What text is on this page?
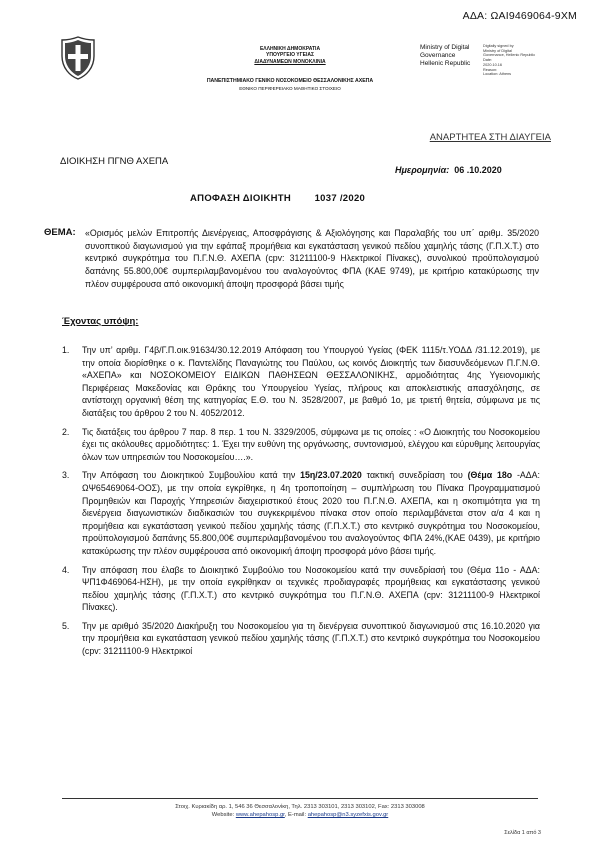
ΑΔΑ: ΩΑΙ9469064-9ΧΜ
ΕΛΛΗΝΙΚΗ ΔΗΜΟΚΡΑΤΙΑ
ΥΠΟΥΡΓΕΙΟ ΥΓΕΙΑΣ
ΔΙΑΔΥΝΑΜΕΩΝ ΜΟΝΟΚΛΙΝΙΑ
ΠΑΝΕΠΙΣΤΗΜΙΑΚΟ ΓΕΝΙΚΟ ΝΟΣΟΚΟΜΕΙΟ ΘΕΣΣΑΛΟΝΙΚΗΣ ΑΧΕΠΑ
ΕΘΝΙΚΟ ΠΕΡΙΦΕΡΕΙΑΚΟ ΜΑΘΗΤΙΚΟ ΣΤΟΙΧΕΙΟ
Ministry of Digital
Governance
Hellenic Republic
Digitally signed by
Ministry of Digital
Governance, Hellenic Republic
Date:
2020.10.16
Reason:
Location: Athens
ΑΝΑΡΤΗΤΕΑ ΣΤΗ ΔΙΑΥΓΕΙΑ
ΔΙΟΙΚΗΣΗ ΠΓΝΘ ΑΧΕΠΑ
Ημερομηνία: 06 .10.2020
ΑΠΟΦΑΣΗ ΔΙΟΙΚΗΤΗ 1037 /2020
ΘΕΜΑ: «Ορισμός μελών Επιτροπής Διενέργειας, Αποσφράγισης & Αξιολόγησης και Παραλαβής του υπ΄ αριθμ. 35/2020 συνοπτικού διαγωνισμού για την εφάπαξ προμήθεια και εγκατάσταση γενικού πεδίου χαμηλής τάσης (Γ.Π.Χ.Τ.) στο κεντρικό συγκρότημα του Π.Γ.Ν.Θ. ΑΧΕΠΑ (cpv: 31211100-9 Ηλεκτρικοί Πίνακες), συνολικού προϋπολογισμού δαπάνης 55.800,00€ συμπεριλαμβανομένου του αναλογούντος ΦΠΑ (ΚΑΕ 9749), με κριτήριο κατακύρωσης την πλέον συμφέρουσα από οικονομική άποψη προσφορά βάσει τιμής
Έχοντας υπόψη:
1. Την υπ’ αριθμ. Γ4β/Γ.Π.οικ.91634/30.12.2019 Απόφαση του Υπουργού Υγείας (ΦΕΚ 1115/τ.ΥΟΔΔ /31.12.2019), με την οποία διορίσθηκε ο κ. Παντελίδης Παναγιώτης του Παύλου, ως κοινός Διοικητής των διασυνδεόμενων Π.Γ.Ν.Θ. «ΑΧΕΠΑ» και ΝΟΣΟΚΟΜΕΙΟΥ ΕΙΔΙΚΩΝ ΠΑΘΗΣΕΩΝ ΘΕΣΣΑΛΟΝΙΚΗΣ, αρμοδιότητας 4ης Υγειονομικής Περιφέρειας Μακεδονίας και Θράκης του Υπουργείου Υγείας, πλήρους και αποκλειστικής απασχόλησης, σε αντίστοιχη οργανική θέση της κατηγορίας Ε.Θ. του Ν. 3528/2007, με βαθμό 1ο, με τριετή θητεία, σύμφωνα με τις διατάξεις του άρθρου 2 του Ν. 4052/2012.
2. Τις διατάξεις του άρθρου 7 παρ. 8 περ. 1 του Ν. 3329/2005, σύμφωνα με τις οποίες : «Ο Διοικητής του Νοσοκομείου έχει τις ακόλουθες αρμοδιότητες: 1. Έχει την ευθύνη της οργάνωσης, συντονισμού, ελέγχου και εύρυθμης λειτουργίας όλων των υπηρεσιών του Νοσοκομείου….».
3. Την Απόφαση του Διοικητικού Συμβουλίου κατά την 15η/23.07.2020 τακτική συνεδρίαση του (Θέμα 18ο -ΑΔΑ: ΩΨ65469064-ΟΟΣ), με την οποία εγκρίθηκε, η 4η τροποποίηση – συμπλήρωση του Πίνακα Προγραμματισμού Προμηθειών και Παροχής Υπηρεσιών διαχειριστικού έτους 2020 του Π.Γ.Ν.Θ. ΑΧΕΠΑ, και η σκοπιμότητα για τη διενέργεια διαγωνιστικών διαδικασιών του συγκεκριμένου πίνακα στον οποίο περιλαμβάνεται στον α/α 4 και η προμήθεια και εγκατάσταση γενικού πεδίου χαμηλής τάσης (Γ.Π.Χ.Τ.) στο κεντρικό συγκρότημα του Νοσοκομείου, προϋπολογισμού δαπάνης 55.800,00€ συμπεριλαμβανομένου του αναλογούντος ΦΠΑ 24%,(ΚΑΕ 0439), με κριτήριο κατακύρωσης την πλέον συμφέρουσα από οικονομική άποψη προσφορά μόνο βάσει τιμής.
4. Την απόφαση που έλαβε το Διοικητικό Συμβούλιο του Νοσοκομείου κατά την συνεδρίασή του (Θέμα 11ο - ΑΔΑ: ΨΠ1Φ469064-ΗΣΗ), με την οποία εγκρίθηκαν οι τεχνικές προδιαγραφές προμήθειας και εγκατάστασης γενικού πεδίου χαμηλής τάσης (Γ.Π.Χ.Τ.) στο κεντρικό συγκρότημα του Π.Γ.Ν.Θ. ΑΧΕΠΑ (cpv: 31211100-9 Ηλεκτρικοί Πίνακες).
5. Την με αριθμό 35/2020 Διακήρυξη του Νοσοκομείου για τη διενέργεια συνοπτικού διαγωνισμού στις 16.10.2020 για την προμήθεια και εγκατάσταση γενικού πεδίου χαμηλής τάσης (Γ.Π.Χ.Τ.) στο κεντρικό συγκρότημα του Νοσοκομείου (cpv: 31211100-9 Ηλεκτρικοί
Στοιχ. Κυριακίδη αρ. 1, 546 36 Θεσσαλονίκη, Τηλ. 2313 303101, 2313 303102, Fax: 2313 303008
Website: www.ahepahosp.gr, E-mail: ahepahosp@n3.syzefxis.gov.gr
Σελίδα 1 από 3
